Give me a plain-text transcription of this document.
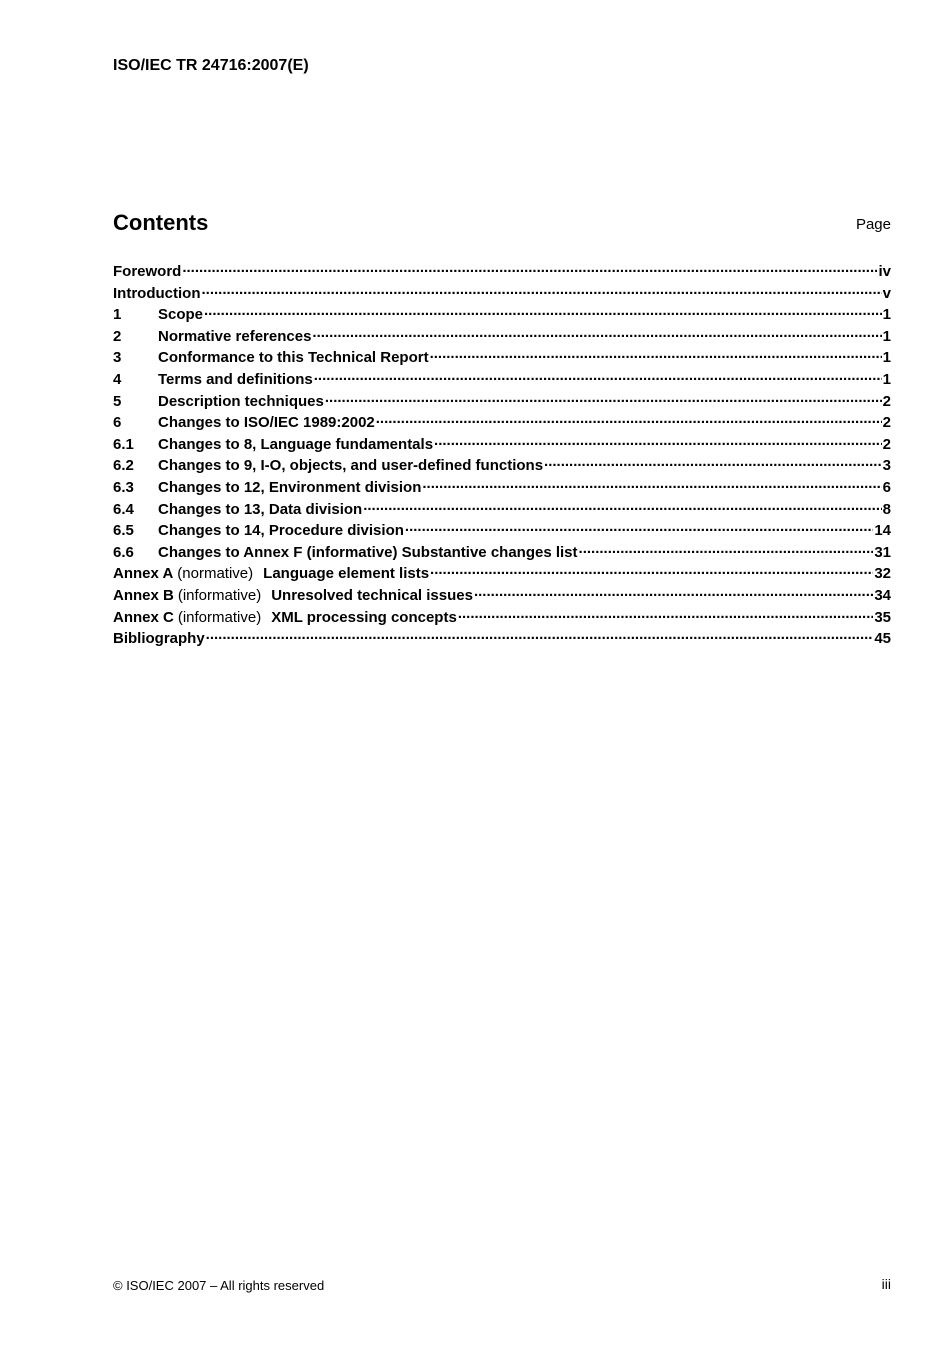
ISO/IEC TR 24716:2007(E)
Contents	Page
Foreword .....	iv
Introduction .....	v
1	Scope .....	1
2	Normative references .....	1
3	Conformance to this Technical Report .....	1
4	Terms and definitions .....	1
5	Description techniques .....	2
6	Changes to ISO/IEC 1989:2002 .....	2
6.1	Changes to 8, Language fundamentals .....	2
6.2	Changes to 9, I-O, objects, and user-defined functions .....	3
6.3	Changes to 12, Environment division .....	6
6.4	Changes to 13, Data division .....	8
6.5	Changes to 14, Procedure division .....	14
6.6	Changes to Annex F (informative) Substantive changes list .....	31
Annex A (normative) Language element lists .....	32
Annex B (informative) Unresolved technical issues .....	34
Annex C (informative) XML processing concepts .....	35
Bibliography .....	45
© ISO/IEC 2007 – All rights reserved	iii
